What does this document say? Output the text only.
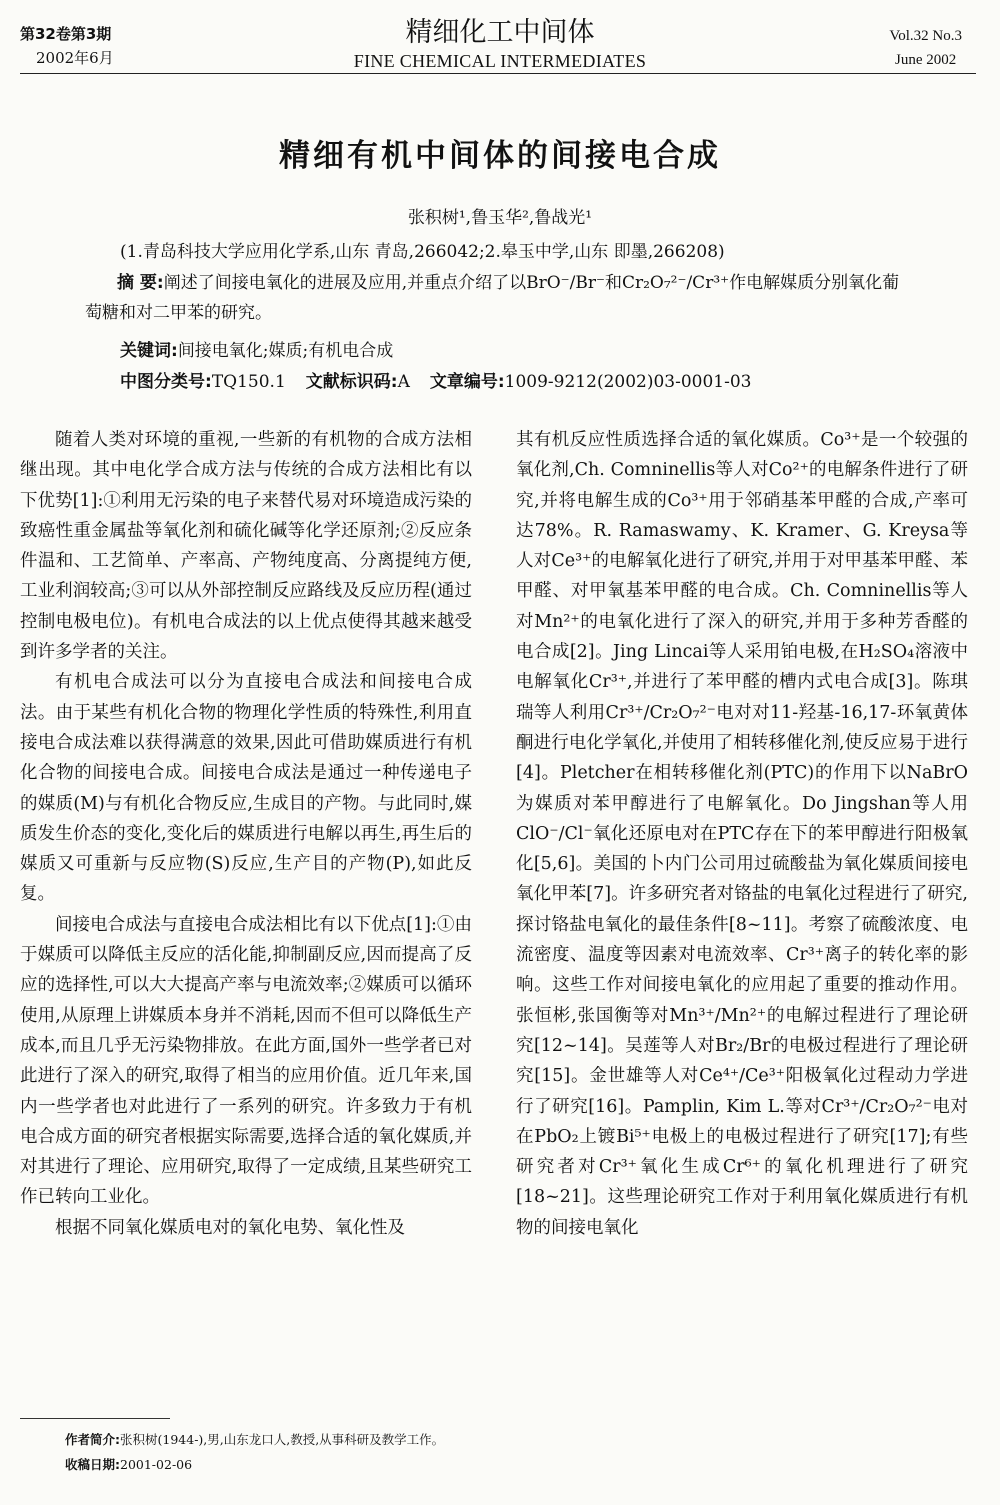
第32卷第3期
2002年6月
精细化工中间体
FINE CHEMICAL INTERMEDIATES
Vol.32 No.3
June 2002
精细有机中间体的间接电合成
张积树¹,鲁玉华²,鲁战光¹
(1.青岛科技大学应用化学系,山东 青岛,266042;2.皋玉中学,山东 即墨,266208)
摘 要:阐述了间接电氧化的进展及应用,并重点介绍了以BrO⁻/Br⁻和Cr₂O₇²⁻/Cr³⁺作电解媒质分别氧化葡萄糖和对二甲苯的研究。
关键词:间接电氧化;媒质;有机电合成
中图分类号:TQ150.1 文献标识码:A 文章编号:1009-9212(2002)03-0001-03

随着人类对环境的重视,一些新的有机物的合成方法相继出现。其中电化学合成方法与传统的合成方法相比有以下优势[1]:①利用无污染的电子来替代易对环境造成污染的致癌性重金属盐等氧化剂和硫化碱等化学还原剂;②反应条件温和、工艺简单、产率高、产物纯度高、分离提纯方便,工业利润较高;③可以从外部控制反应路线及反应历程(通过控制电极电位)。有机电合成法的以上优点使得其越来越受到许多学者的关注。

有机电合成法可以分为直接电合成法和间接电合成法。由于某些有机化合物的物理化学性质的特殊性,利用直接电合成法难以获得满意的效果,因此可借助媒质进行有机化合物的间接电合成。间接电合成法是通过一种传递电子的媒质(M)与有机化合物反应,生成目的产物。与此同时,媒质发生价态的变化,变化后的媒质进行电解以再生,再生后的媒质又可重新与反应物(S)反应,生产目的产物(P),如此反复。

间接电合成法与直接电合成法相比有以下优点[1]:①由于媒质可以降低主反应的活化能,抑制副反应,因而提高了反应的选择性,可以大大提高产率与电流效率;②媒质可以循环使用,从原理上讲媒质本身并不消耗,因而不但可以降低生产成本,而且几乎无污染物排放。在此方面,国外一些学者已对此进行了深入的研究,取得了相当的应用价值。近几年来,国内一些学者也对此进行了一系列的研究。许多致力于有机电合成方面的研究者根据实际需要,选择合适的氧化媒质,并对其进行了理论、应用研究,取得了一定成绩,且某些研究工作已转向工业化。

根据不同氧化媒质电对的氧化电势、氧化性及

其有机反应性质选择合适的氧化媒质。Co³⁺是一个较强的氧化剂,Ch. Comninellis等人对Co²⁺的电解条件进行了研究,并将电解生成的Co³⁺用于邻硝基苯甲醛的合成,产率可达78%。R. Ramaswamy、K. Kramer、G. Kreysa等人对Ce³⁺的电解氧化进行了研究,并用于对甲基苯甲醛、苯甲醛、对甲氧基苯甲醛的电合成。Ch. Comninellis等人对Mn²⁺的电氧化进行了深入的研究,并用于多种芳香醛的电合成[2]。Jing Lincai等人采用铂电极,在H₂SO₄溶液中电解氧化Cr³⁺,并进行了苯甲醛的槽内式电合成[3]。陈琪瑞等人利用Cr³⁺/Cr₂O₇²⁻电对对11-羟基-16,17-环氧黄体酮进行电化学氧化,并使用了相转移催化剂,使反应易于进行[4]。Pletcher在相转移催化剂(PTC)的作用下以NaBrO为媒质对苯甲醇进行了电解氧化。Do Jingshan等人用ClO⁻/Cl⁻氧化还原电对在PTC存在下的苯甲醇进行阳极氧化[5,6]。美国的卜内门公司用过硫酸盐为氧化媒质间接电氧化甲苯[7]。许多研究者对铬盐的电氧化过程进行了研究,探讨铬盐电氧化的最佳条件[8~11]。考察了硫酸浓度、电流密度、温度等因素对电流效率、Cr³⁺离子的转化率的影响。这些工作对间接电氧化的应用起了重要的推动作用。张恒彬,张国衡等对Mn³⁺/Mn²⁺的电解过程进行了理论研究[12~14]。吴莲等人对Br₂/Br的电极过程进行了理论研究[15]。金世雄等人对Ce⁴⁺/Ce³⁺阳极氧化过程动力学进行了研究[16]。Pamplin, Kim L.等对Cr³⁺/Cr₂O₇²⁻电对在PbO₂上镀Bi⁵⁺电极上的电极过程进行了研究[17];有些研究者对Cr³⁺氧化生成Cr⁶⁺的氧化机理进行了研究[18~21]。这些理论研究工作对于利用氧化媒质进行有机物的间接电氧化

作者简介:张积树(1944-),男,山东龙口人,教授,从事科研及教学工作。
收稿日期:2001-02-06
